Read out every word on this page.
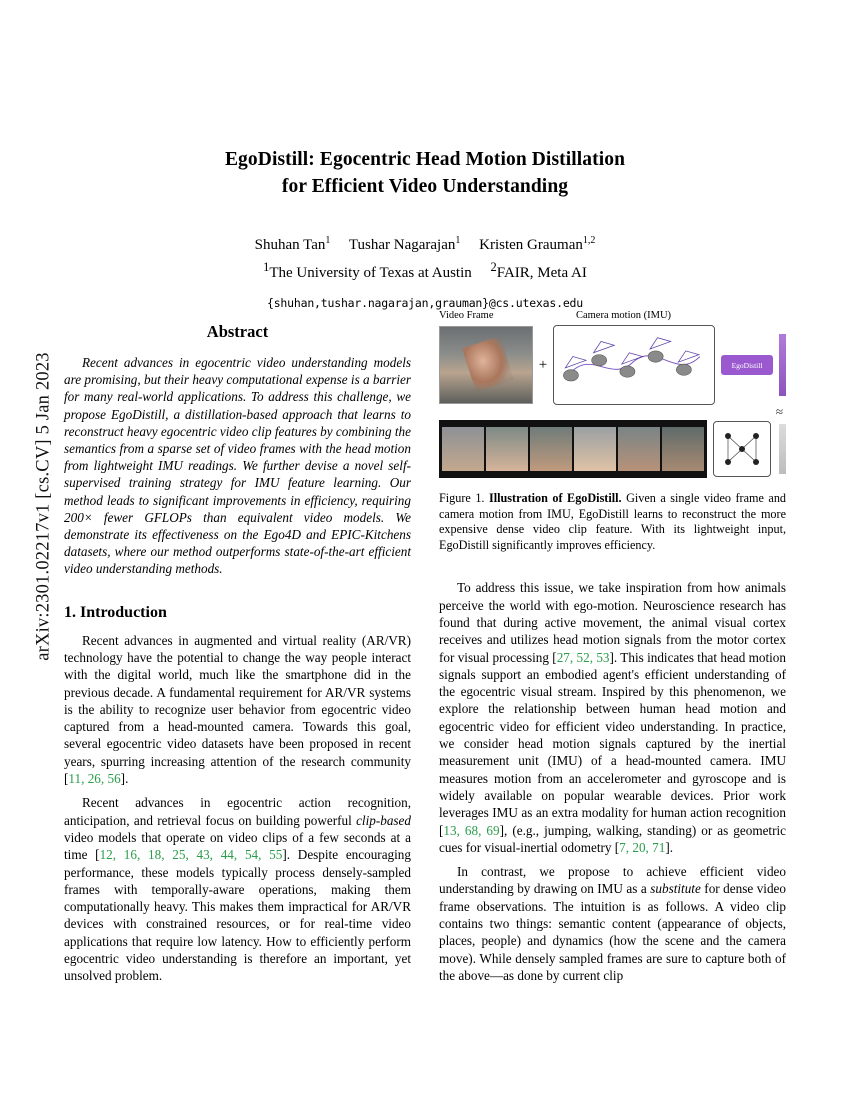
arXiv:2301.02217v1 [cs.CV] 5 Jan 2023
EgoDistill: Egocentric Head Motion Distillation
for Efficient Video Understanding
Shuhan Tan$^1$ Tushar Nagarajan$^1$ Kristen Grauman$^{1,2}$
$^1$The University of Texas at Austin $^2$FAIR, Meta AI
{shuhan,tushar.nagarajan,grauman}@cs.utexas.edu
Abstract

Recent advances in egocentric video understanding models are promising, but their heavy computational expense is a barrier for many real-world applications. To address this challenge, we propose EgoDistill, a distillation-based approach that learns to reconstruct heavy egocentric video clip features by combining the semantics from a sparse set of video frames with the head motion from lightweight IMU readings. We further devise a novel self-supervised training strategy for IMU feature learning. Our method leads to significant improvements in efficiency, requiring 200× fewer GFLOPs than equivalent video models. We demonstrate its effectiveness on the Ego4D and EPIC-Kitchens datasets, where our method outperforms state-of-the-art efficient video understanding methods.

1. Introduction

Recent advances in augmented and virtual reality (AR/VR) technology have the potential to change the way people interact with the digital world, much like the smartphone did in the previous decade. A fundamental requirement for AR/VR systems is the ability to recognize user behavior from egocentric video captured from a head-mounted camera. Towards this goal, several egocentric video datasets have been proposed in recent years, spurring increasing attention of the research community [11, 26, 56].

Recent advances in egocentric action recognition, anticipation, and retrieval focus on building powerful clip-based video models that operate on video clips of a few seconds at a time [12, 16, 18, 25, 43, 44, 54, 55]. Despite encouraging performance, these models typically process densely-sampled frames with temporally-aware operations, making them computationally heavy. This makes them impractical for AR/VR devices with constrained resources, or for real-time video applications that require low latency. How to efficiently perform egocentric video understanding is therefore an important, yet unsolved problem.

Video Frame	Camera motion (IMU)
+	EgoDistill
≈
Figure 1. Illustration of EgoDistill. Given a single video frame and camera motion from IMU, EgoDistill learns to reconstruct the more expensive dense video clip feature. With its lightweight input, EgoDistill significantly improves efficiency.

To address this issue, we take inspiration from how animals perceive the world with ego-motion. Neuroscience research has found that during active movement, the animal visual cortex receives and utilizes head motion signals from the motor cortex for visual processing [27, 52, 53]. This indicates that head motion signals support an embodied agent's efficient understanding of the egocentric visual stream. Inspired by this phenomenon, we explore the relationship between human head motion and egocentric video for efficient video understanding. In practice, we consider head motion signals captured by the inertial measurement unit (IMU) of a head-mounted camera. IMU measures motion from an accelerometer and gyroscope and is widely available on popular wearable devices. Prior work leverages IMU as an extra modality for human action recognition [13, 68, 69], (e.g., jumping, walking, standing) or as geometric cues for visual-inertial odometry [7, 20, 71].

In contrast, we propose to achieve efficient video understanding by drawing on IMU as a substitute for dense video frame observations. The intuition is as follows. A video clip contains two things: semantic content (appearance of objects, places, people) and dynamics (how the scene and the camera move). While densely sampled frames are sure to capture both of the above—as done by current clip
